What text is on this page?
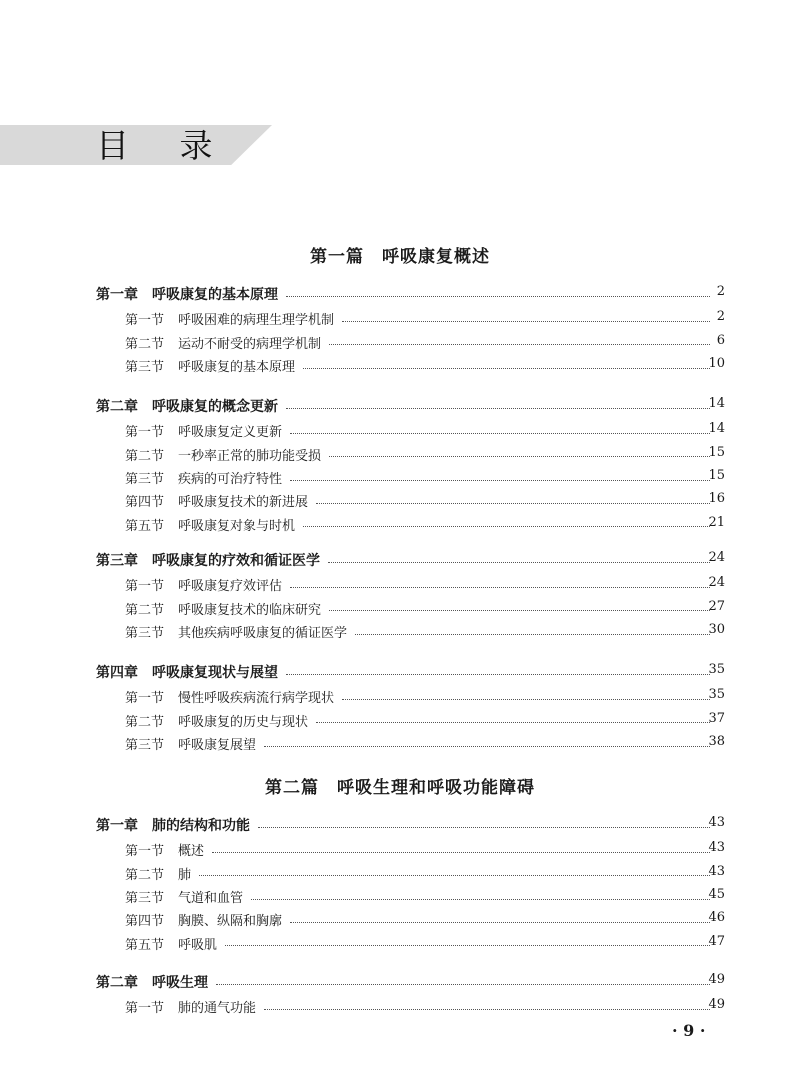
目 录
第一篇 呼吸康复概述
第一章 呼吸康复的基本原理	2
第一节 呼吸困难的病理生理学机制	2
第二节 运动不耐受的病理学机制	6
第三节 呼吸康复的基本原理	10
第二章 呼吸康复的概念更新	14
第一节 呼吸康复定义更新	14
第二节 一秒率正常的肺功能受损	15
第三节 疾病的可治疗特性	15
第四节 呼吸康复技术的新进展	16
第五节 呼吸康复对象与时机	21
第三章 呼吸康复的疗效和循证医学	24
第一节 呼吸康复疗效评估	24
第二节 呼吸康复技术的临床研究	27
第三节 其他疾病呼吸康复的循证医学	30
第四章 呼吸康复现状与展望	35
第一节 慢性呼吸疾病流行病学现状	35
第二节 呼吸康复的历史与现状	37
第三节 呼吸康复展望	38
第二篇 呼吸生理和呼吸功能障碍
第一章 肺的结构和功能	43
第一节 概述	43
第二节 肺	43
第三节 气道和血管	45
第四节 胸膜、纵隔和胸廓	46
第五节 呼吸肌	47
第二章 呼吸生理	49
第一节 肺的通气功能	49
· 9 ·
